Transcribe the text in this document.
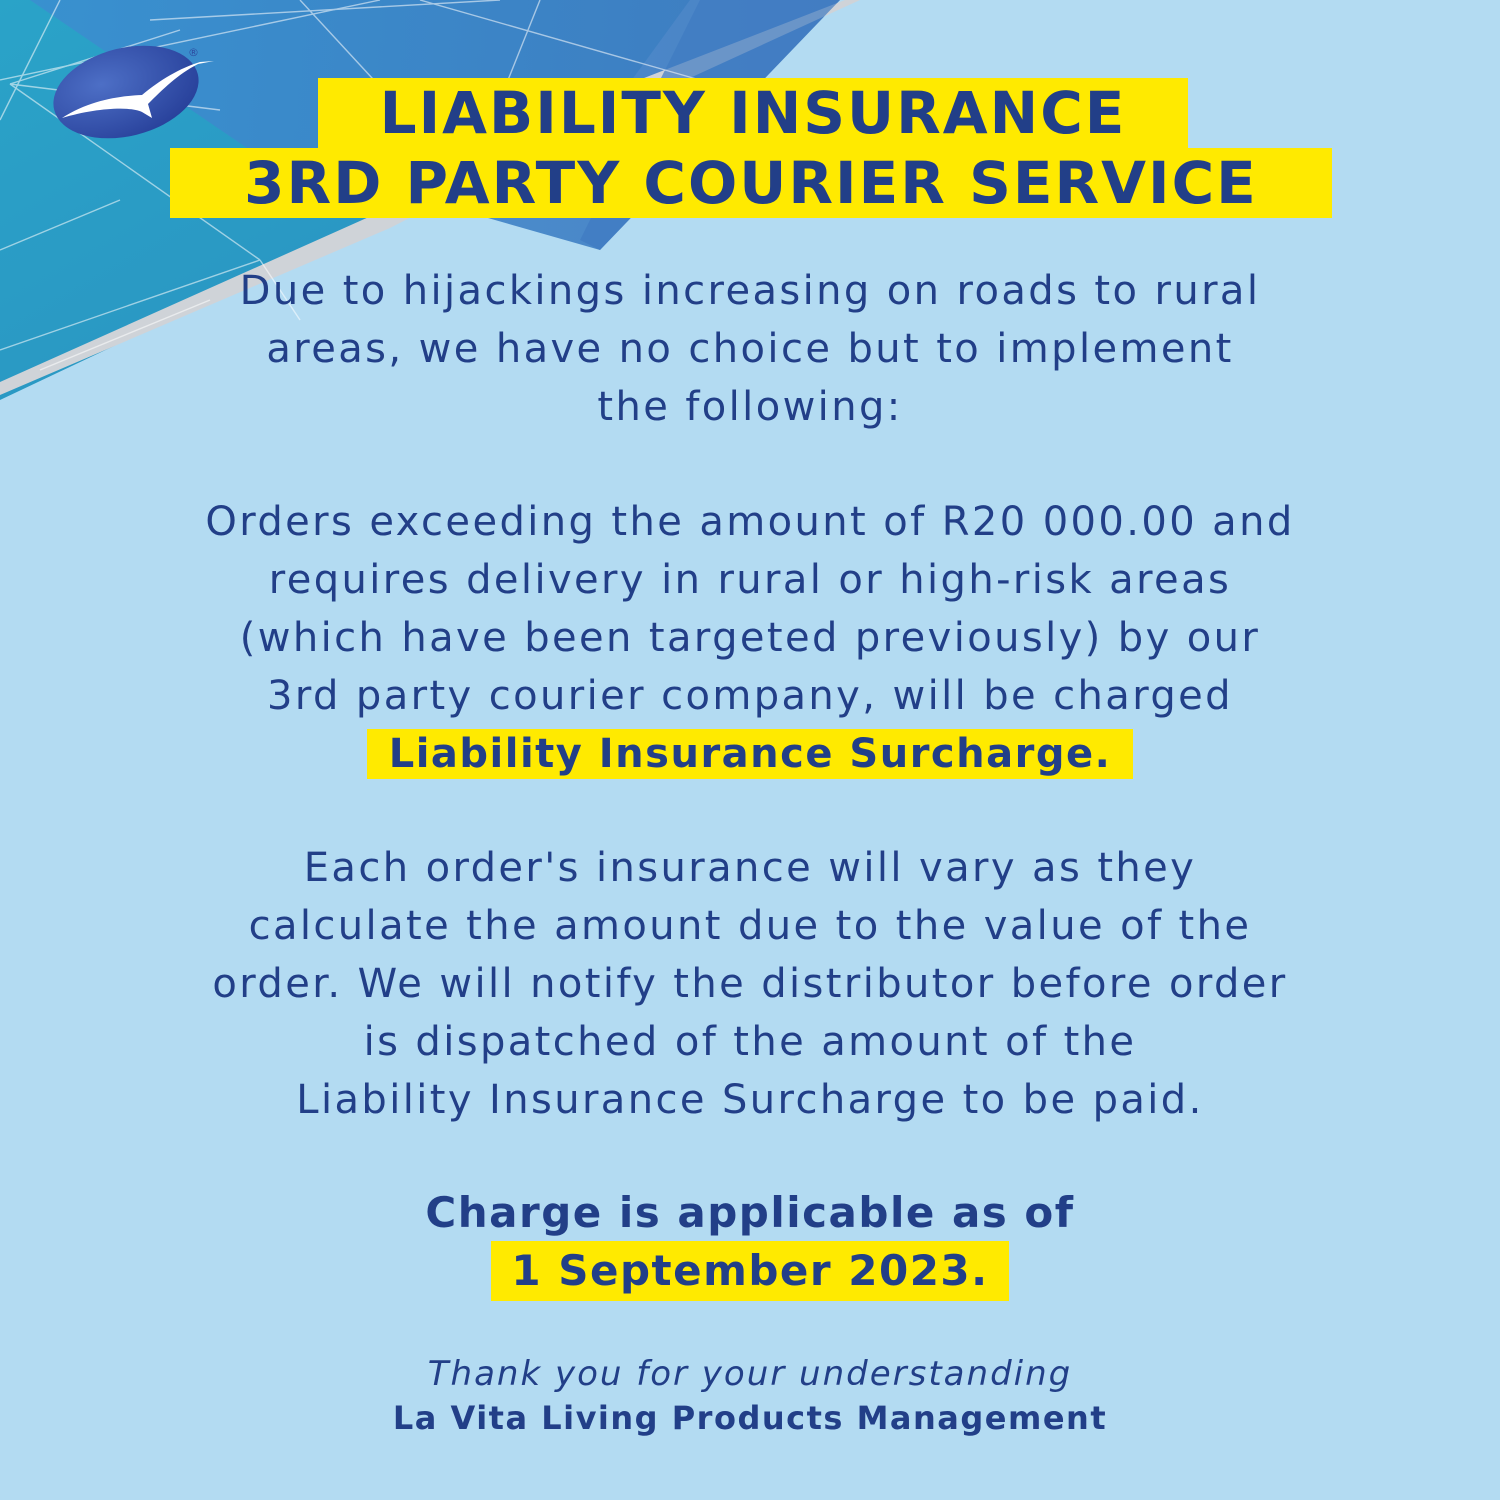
®
LIABILITY INSURANCE
3RD PARTY COURIER SERVICE
Due to hijackings increasing on roads to rural
areas, we have no choice but to implement
the following:
Orders exceeding the amount of R20 000.00 and
requires delivery in rural or high-risk areas
(which have been targeted previously) by our
3rd party courier company, will be charged
Liability Insurance Surcharge.
Each order's insurance will vary as they
calculate the amount due to the value of the
order. We will notify the distributor before order
is dispatched of the amount of the
Liability Insurance Surcharge to be paid.
Charge is applicable as of
1 September 2023.
Thank you for your understanding
La Vita Living Products Management
